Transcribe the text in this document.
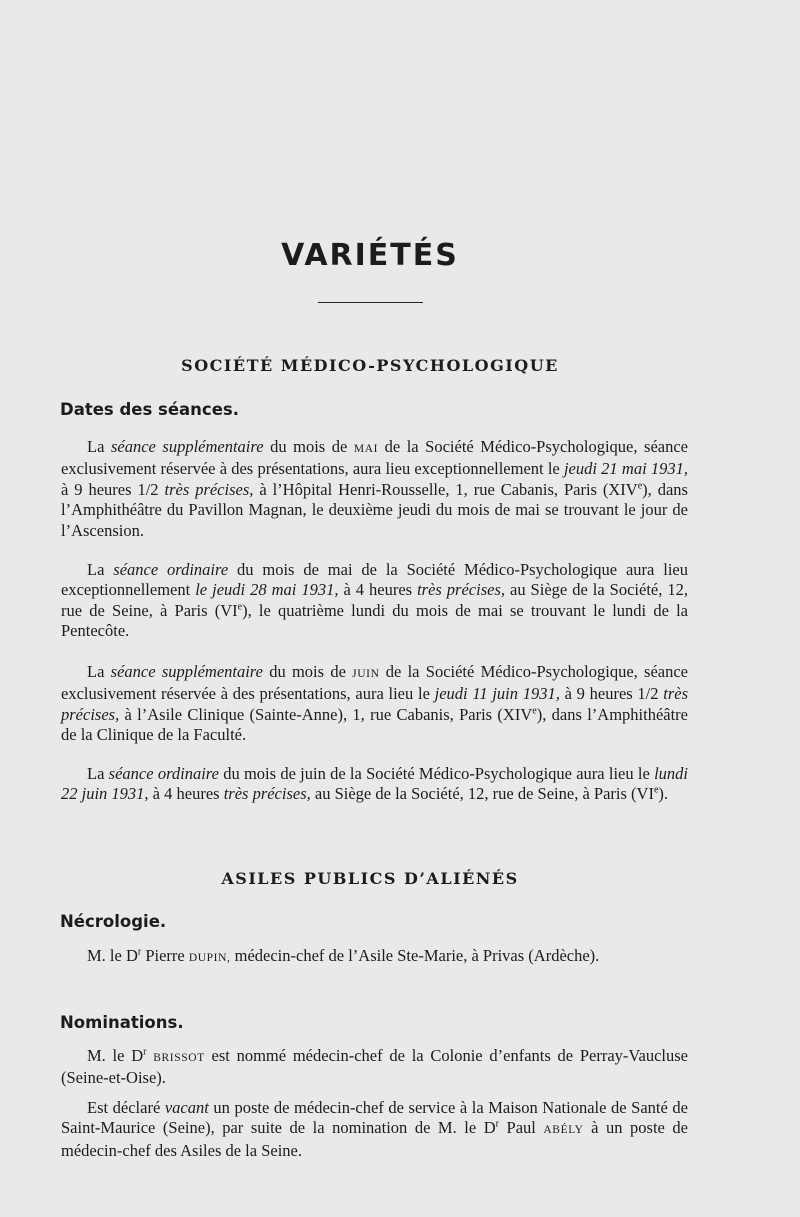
VARIÉTÉS
SOCIÉTÉ MÉDICO-PSYCHOLOGIQUE
Dates des séances.

La séance supplémentaire du mois de MAI de la Société Médico-Psychologique, séance exclusivement réservée à des présentations, aura lieu exceptionnellement le jeudi 21 mai 1931, à 9 heures 1/2 très précises, à l’Hôpital Henri-Rousselle, 1, rue Cabanis, Paris (XIVe), dans l’Amphithéâtre du Pavillon Magnan, le deuxième jeudi du mois de mai se trouvant le jour de l’Ascension.

La séance ordinaire du mois de mai de la Société Médico-Psychologique aura lieu exceptionnellement le jeudi 28 mai 1931, à 4 heures très précises, au Siège de la Société, 12, rue de Seine, à Paris (VIe), le quatrième lundi du mois de mai se trouvant le lundi de la Pentecôte.

La séance supplémentaire du mois de JUIN de la Société Médico-Psychologique, séance exclusivement réservée à des présentations, aura lieu le jeudi 11 juin 1931, à 9 heures 1/2 très précises, à l’Asile Clinique (Sainte-Anne), 1, rue Cabanis, Paris (XIVe), dans l’Amphithéâtre de la Clinique de la Faculté.

La séance ordinaire du mois de juin de la Société Médico-Psychologique aura lieu le lundi 22 juin 1931, à 4 heures très précises, au Siège de la Société, 12, rue de Seine, à Paris (VIe).

ASILES PUBLICS D’ALIÉNÉS
Nécrologie.

M. le $D^r$ Pierre DUPIN, médecin-chef de l’Asile Ste-Marie, à Privas (Ardèche).

Nominations.

M. le $D^r$ BRISSOT est nommé médecin-chef de la Colonie d’enfants de Perray-Vaucluse (Seine-et-Oise).

Est déclaré vacant un poste de médecin-chef de service à la Maison Nationale de Santé de Saint-Maurice (Seine), par suite de la nomination de M. le $D^r$ Paul ABÉLY à un poste de médecin-chef des Asiles de la Seine.
